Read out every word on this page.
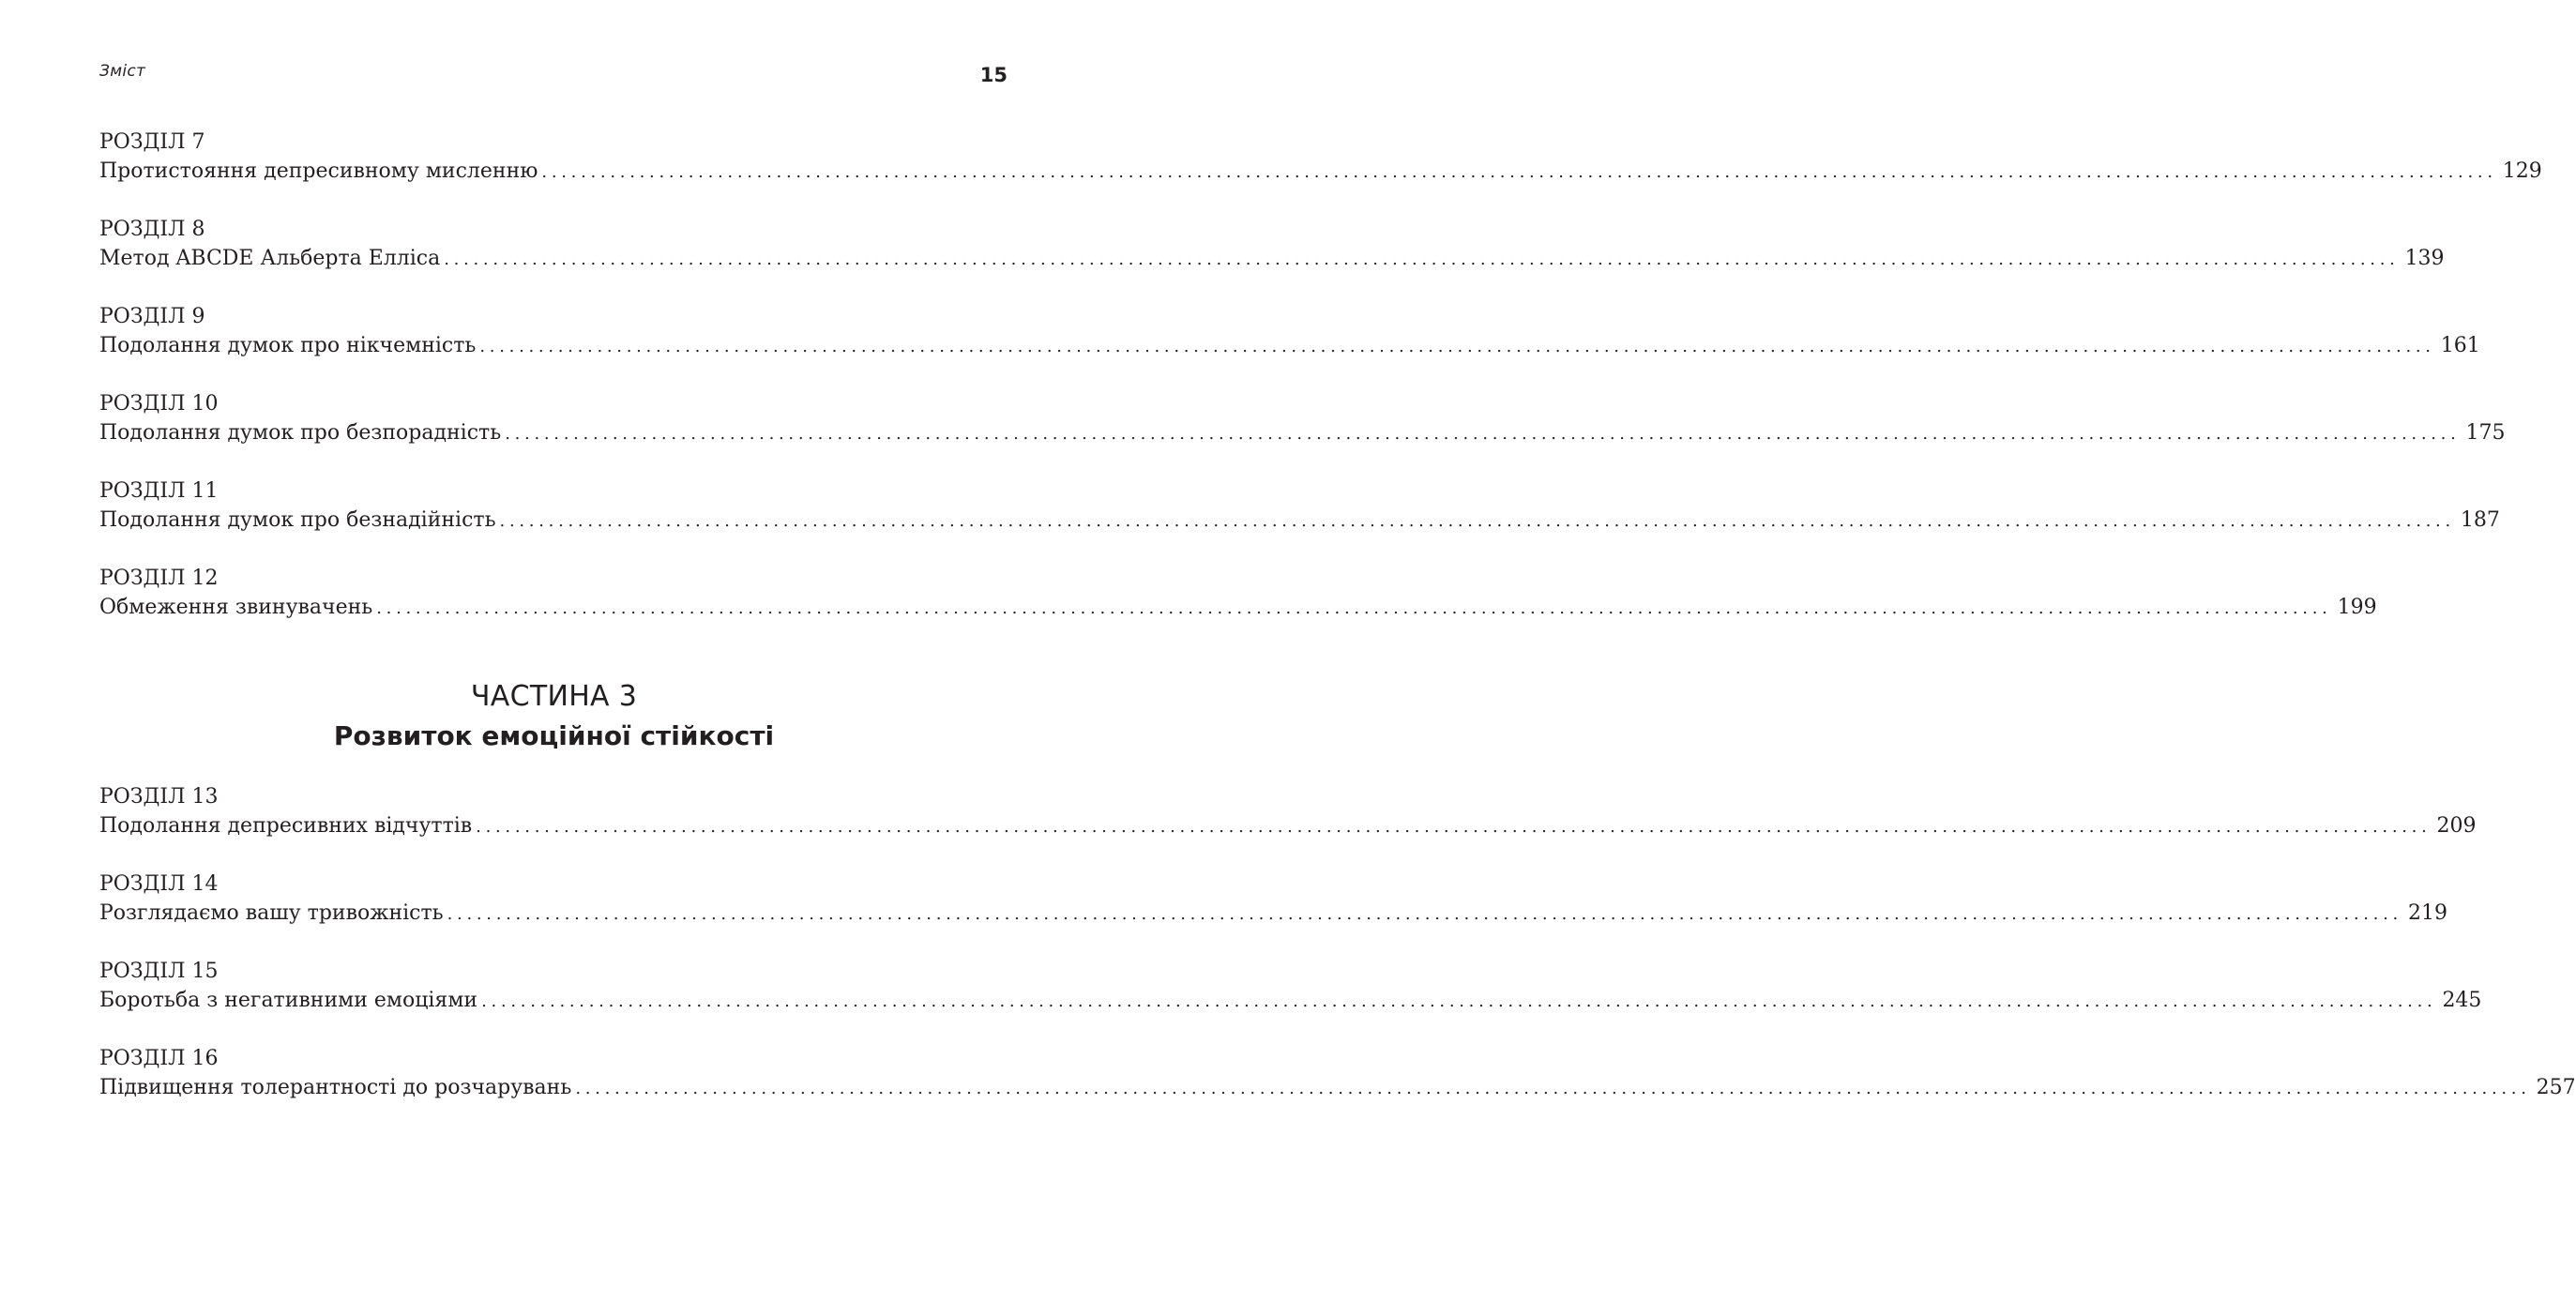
Зміст	15
РОЗДІЛ 7
Протистояння депресивному мисленню ........................................................................................................................................................................................................ 129
РОЗДІЛ 8
Метод ABCDE Альберта Елліса ........................................................................................................................................................................................................ 139
РОЗДІЛ 9
Подолання думок про нікчемність ........................................................................................................................................................................................................ 161
РОЗДІЛ 10
Подолання думок про безпорадність ........................................................................................................................................................................................................ 175
РОЗДІЛ 11
Подолання думок про безнадійність ........................................................................................................................................................................................................ 187
РОЗДІЛ 12
Обмеження звинувачень ........................................................................................................................................................................................................ 199
ЧАСТИНА 3
Розвиток емоційної стійкості
РОЗДІЛ 13
Подолання депресивних відчуттів ........................................................................................................................................................................................................ 209
РОЗДІЛ 14
Розглядаємо вашу тривожність ........................................................................................................................................................................................................ 219
РОЗДІЛ 15
Боротьба з негативними емоціями ........................................................................................................................................................................................................ 245
РОЗДІЛ 16
Підвищення толерантності до розчарувань ........................................................................................................................................................................................................ 257
